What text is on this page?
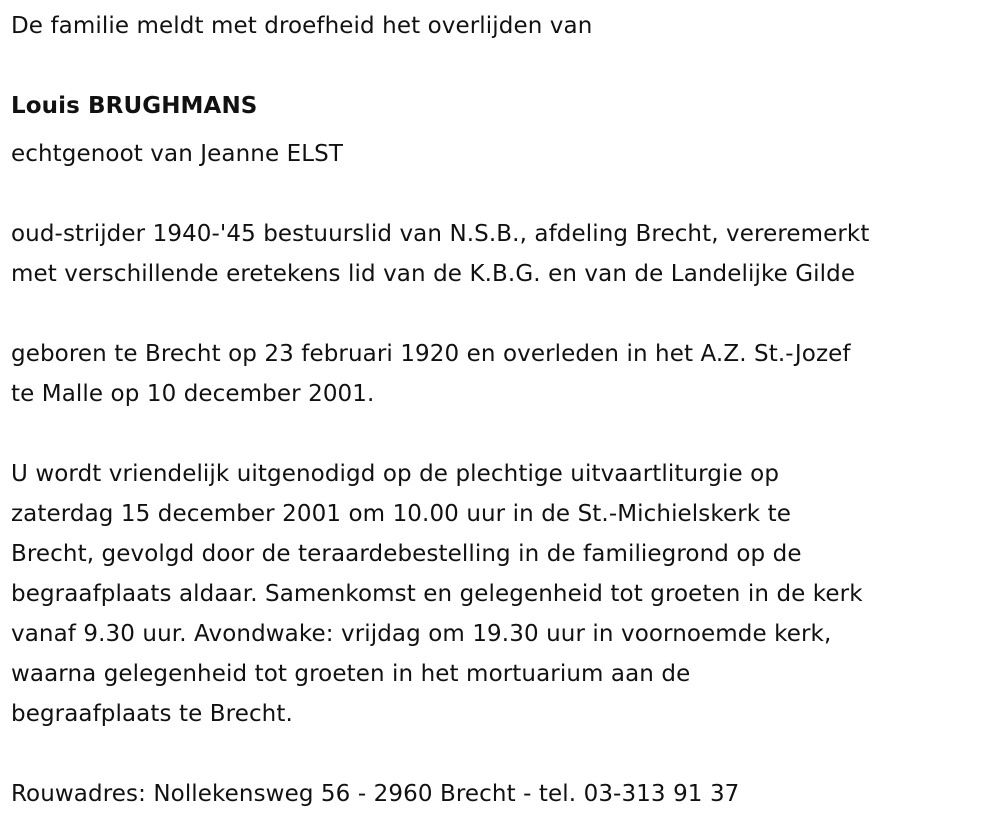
De familie meldt met droefheid het overlijden van
Louis BRUGHMANS
echtgenoot van Jeanne ELST
oud-strijder 1940-'45 bestuurslid van N.S.B., afdeling Brecht, vereremerkt
met verschillende eretekens lid van de K.B.G. en van de Landelijke Gilde
geboren te Brecht op 23 februari 1920 en overleden in het A.Z. St.-Jozef
te Malle op 10 december 2001.
U wordt vriendelijk uitgenodigd op de plechtige uitvaartliturgie op
zaterdag 15 december 2001 om 10.00 uur in de St.-Michielskerk te
Brecht, gevolgd door de teraardebestelling in de familiegrond op de
begraafplaats aldaar. Samenkomst en gelegenheid tot groeten in de kerk
vanaf 9.30 uur. Avondwake: vrijdag om 19.30 uur in voornoemde kerk,
waarna gelegenheid tot groeten in het mortuarium aan de
begraafplaats te Brecht.
Rouwadres: Nollekensweg 56 - 2960 Brecht - tel. 03-313 91 37
